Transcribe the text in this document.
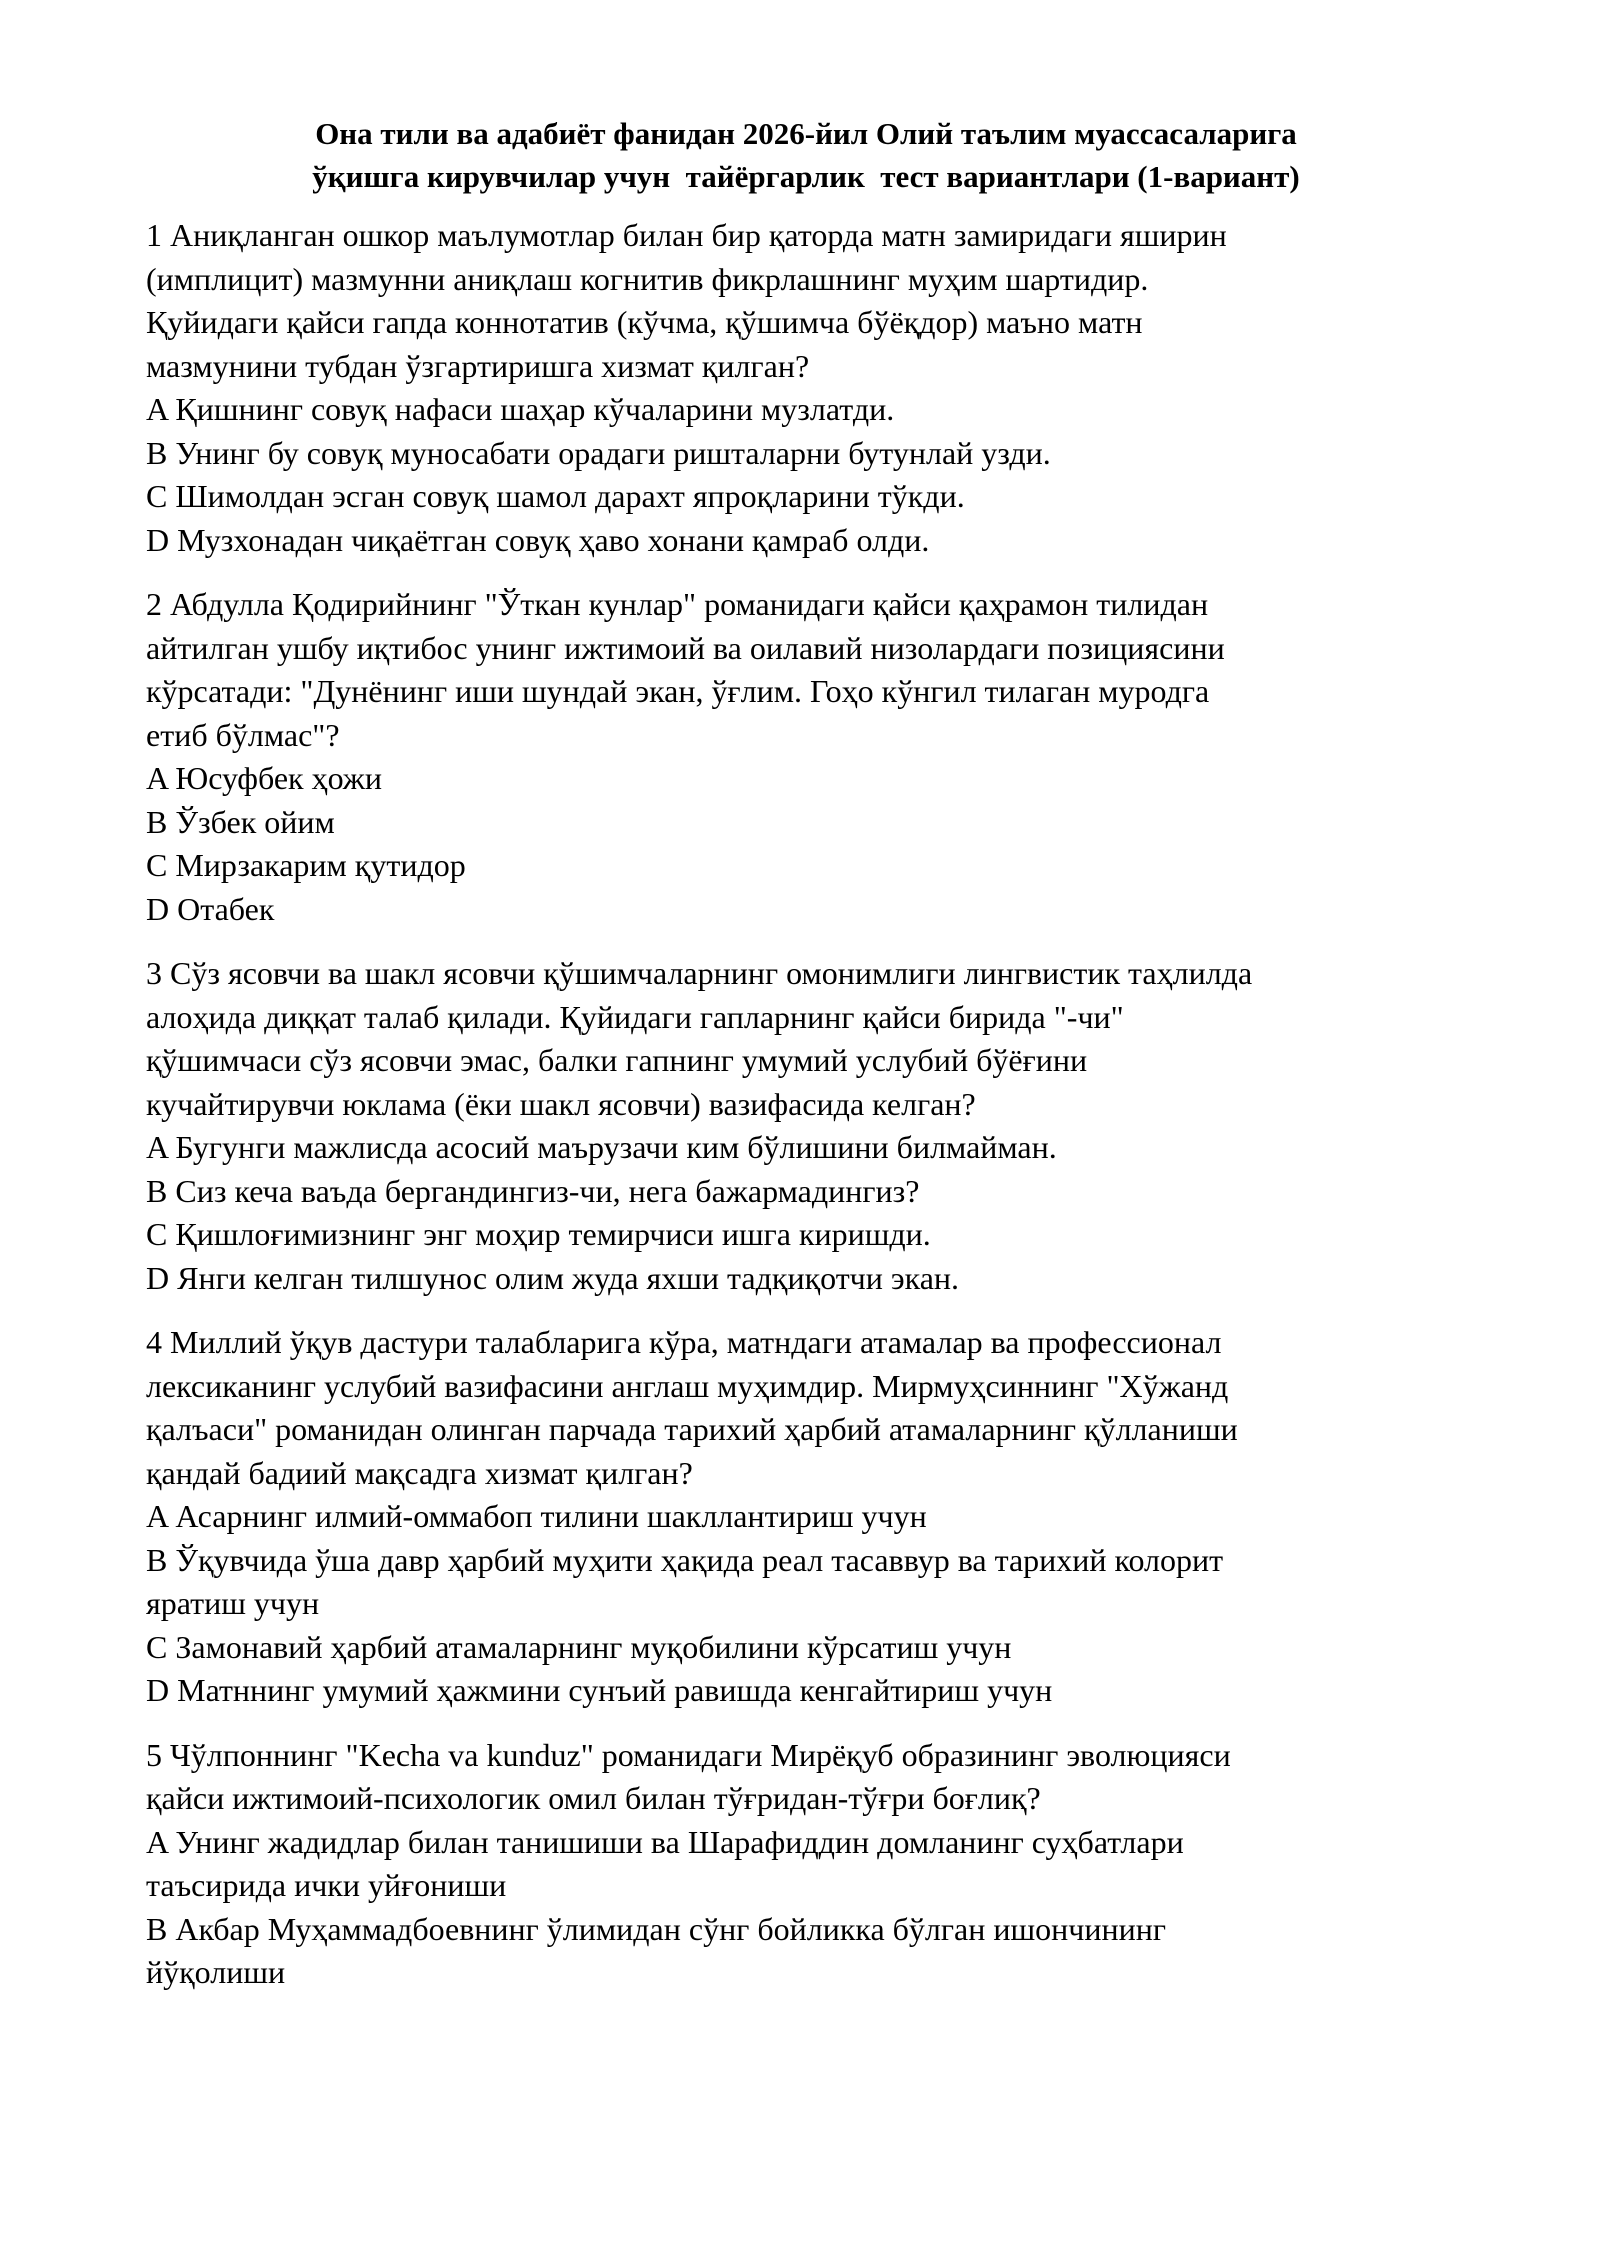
Она тили ва адабиёт фанидан 2026-йил Олий таълим муассасаларига
ўқишга кирувчилар учун  тайёргарлик  тест вариантлари (1-вариант)
1 Аниқланган ошкор маълумотлар билан бир қаторда матн замиридаги яширин
(имплицит) мазмунни аниқлаш когнитив фикрлашнинг муҳим шартидир.
Қуйидаги қайси гапда коннотатив (кўчма, қўшимча бўёқдор) маъно матн
мазмунини тубдан ўзгартиришга хизмат қилган?
A Қишнинг совуқ нафаси шаҳар кўчаларини музлатди.
B Унинг бу совуқ муносабати орадаги ришталарни бутунлай узди.
C Шимолдан эсган совуқ шамол дарахт япроқларини тўкди.
D Музхонадан чиқаётган совуқ ҳаво хонани қамраб олди.
2 Абдулла Қодирийнинг "Ўткан кунлар" романидаги қайси қаҳрамон тилидан
айтилган ушбу иқтибос унинг ижтимоий ва оилавий низолардаги позициясини
кўрсатади: "Дунёнинг иши шундай экан, ўғлим. Гоҳо кўнгил тилаган муродга
етиб бўлмас"?
A Юсуфбек ҳожи
B Ўзбек ойим
C Мирзакарим қутидор
D Отабек
3 Сўз ясовчи ва шакл ясовчи қўшимчаларнинг омонимлиги лингвистик таҳлилда
алоҳида диққат талаб қилади. Қуйидаги гапларнинг қайси бирида "-чи"
қўшимчаси сўз ясовчи эмас, балки гапнинг умумий услубий бўёғини
кучайтирувчи юклама (ёки шакл ясовчи) вазифасида келган?
A Бугунги мажлисда асосий маърузачи ким бўлишини билмайман.
B Сиз кеча ваъда бергандингиз-чи, нега бажармадингиз?
C Қишлоғимизнинг энг моҳир темирчиси ишга киришди.
D Янги келган тилшунос олим жуда яхши тадқиқотчи экан.
4 Миллий ўқув дастури талабларига кўра, матндаги атамалар ва профессионал
лексиканинг услубий вазифасини англаш муҳимдир. Мирмуҳсиннинг "Хўжанд
қалъаси" романидан олинган парчада тарихий ҳарбий атамаларнинг қўлланиши
қандай бадиий мақсадга хизмат қилган?
A Асарнинг илмий-оммабоп тилини шакллантириш учун
B Ўқувчида ўша давр ҳарбий муҳити ҳақида реал тасаввур ва тарихий колорит
яратиш учун
C Замонавий ҳарбий атамаларнинг муқобилини кўрсатиш учун
D Матннинг умумий ҳажмини сунъий равишда кенгайтириш учун
5 Чўлпоннинг "Kecha va kunduz" романидаги Мирёқуб образининг эволюцияси
қайси ижтимоий-психологик омил билан тўғридан-тўғри боғлиқ?
A Унинг жадидлар билан танишиши ва Шарафиддин домланинг суҳбатлари
таъсирида ички уйғониши
B Акбар Муҳаммадбоевнинг ўлимидан сўнг бойликка бўлган ишончининг
йўқолиши
